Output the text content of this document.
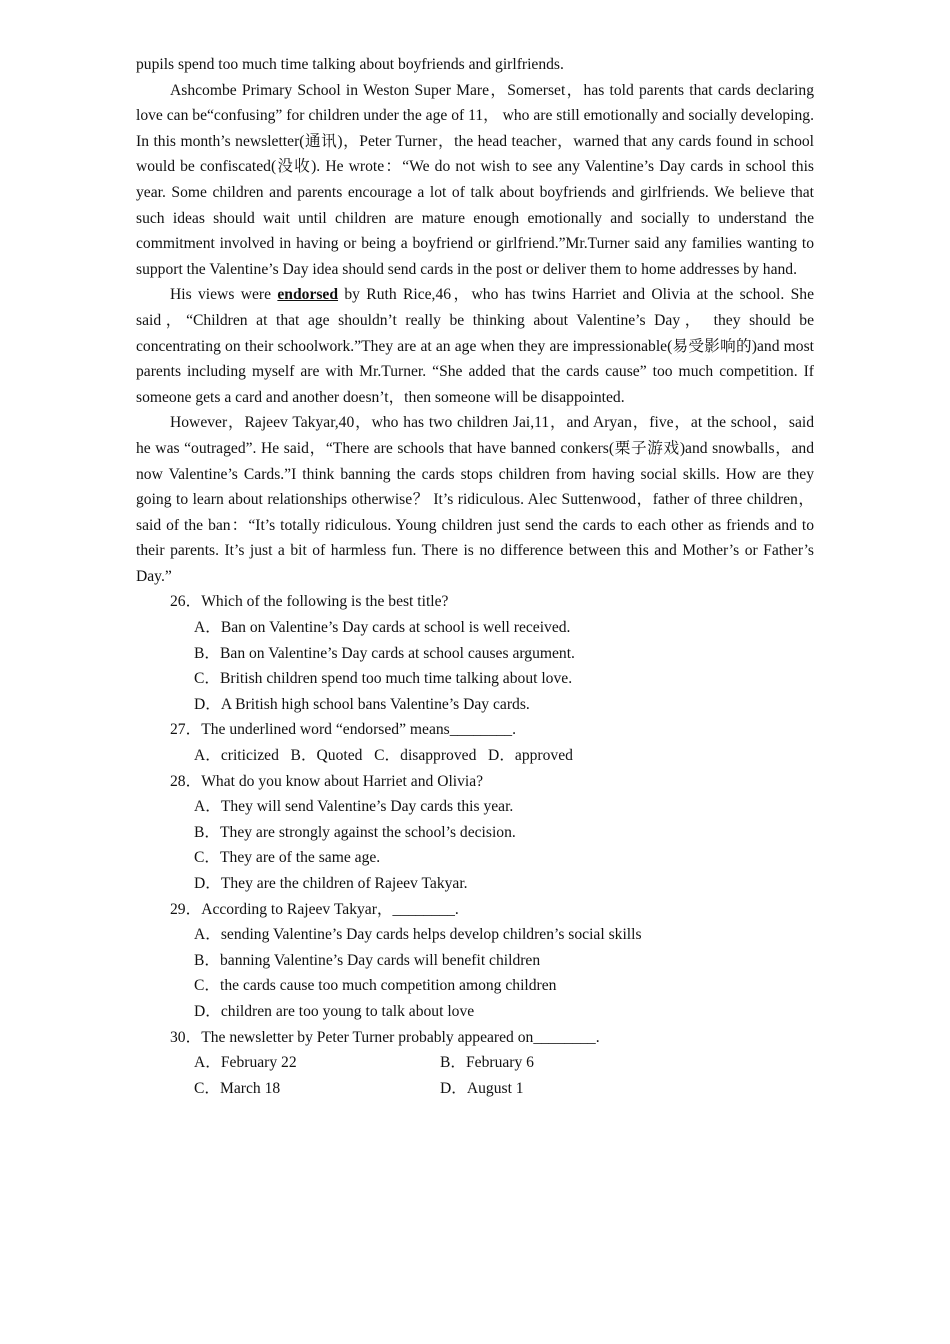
pupils spend too much time talking about boyfriends and girlfriends.

Ashcombe Primary School in Weston Super Mare，Somerset，has told parents that cards declaring love can be“confusing” for children under the age of 11， who are still emotionally and socially developing. In this month’s newsletter(通讯)，Peter Turner，the head teacher，warned that any cards found in school would be confiscated(没收). He wrote：“We do not wish to see any Valentine’s Day cards in school this year. Some children and parents encourage a lot of talk about boyfriends and girlfriends. We believe that such ideas should wait until children are mature enough emotionally and socially to understand the commitment involved in having or being a boyfriend or girlfriend.”Mr.Turner said any families wanting to support the Valentine’s Day idea should send cards in the post or deliver them to home addresses by hand.

His views were endorsed by Ruth Rice,46，who has twins Harriet and Olivia at the school. She said，“Children at that age shouldn’t really be thinking about Valentine’s Day， they should be concentrating on their schoolwork.”They are at an age when they are impressionable(易受影响的)and most parents including myself are with Mr.Turner. “She added that the cards cause” too much competition. If someone gets a card and another doesn’t，then someone will be disappointed.

However，Rajeev Takyar,40，who has two children Jai,11，and Aryan，five，at the school，said he was “outraged”. He said，“There are schools that have banned conkers(栗子游戏)and snowballs，and now Valentine’s Cards.”I think banning the cards stops children from having social skills. How are they going to learn about relationships otherwise？ It’s ridiculous. Alec Suttenwood，father of three children，said of the ban：“It’s totally ridiculous. Young children just send the cards to each other as friends and to their parents. It’s just a bit of harmless fun. There is no difference between this and Mother’s or Father’s Day.”

26．Which of the following is the best title?

A．Ban on Valentine’s Day cards at school is well received.

B．Ban on Valentine’s Day cards at school causes argument.

C．British children spend too much time talking about love.

D．A British high school bans Valentine’s Day cards.

27．The underlined word “endorsed” means________.

A．criticized   B．Quoted   C．disapproved   D．approved

28．What do you know about Harriet and Olivia?

A．They will send Valentine’s Day cards this year.

B．They are strongly against the school’s decision.

C．They are of the same age.

D．They are the children of Rajeev Takyar.

29．According to Rajeev Takyar，________.

A．sending Valentine’s Day cards helps develop children’s social skills

B．banning Valentine’s Day cards will benefit children

C．the cards cause too much competition among children

D．children are too young to talk about love

30．The newsletter by Peter Turner probably appeared on________.

A．February 22	B．February 6
C．March 18	D．August 1
